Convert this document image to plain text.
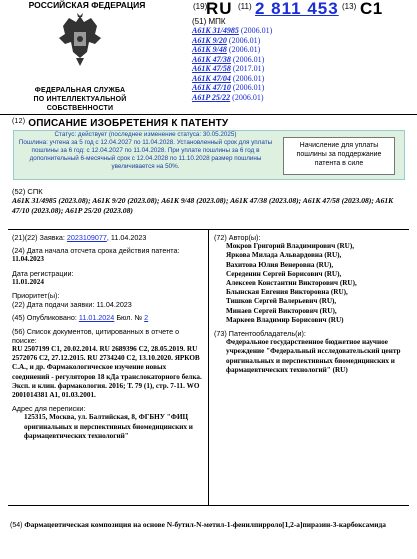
РОССИЙСКАЯ ФЕДЕРАЦИЯ
ФЕДЕРАЛЬНАЯ СЛУЖБА
ПО ИНТЕЛЛЕКТУАЛЬНОЙ СОБСТВЕННОСТИ
(19)
RU (11) 2 811 453 (13) C1
(51) МПК
A61K 31/4985 (2006.01)
A61K 9/20 (2006.01)
A61K 9/48 (2006.01)
A61K 47/38 (2006.01)
A61K 47/58 (2017.01)
A61K 47/04 (2006.01)
A61K 47/10 (2006.01)
A61P 25/22 (2006.01)
$^{(12)}$ ОПИСАНИЕ ИЗОБРЕТЕНИЯ К ПАТЕНТУ
Статус: действует (последнее изменение статуса: 30.05.2025)
Пошлина: учтена за 5 год с 12.04.2027 по 11.04.2028. Установленный срок для уплаты пошлины за 6 год: с 12.04.2027 по 11.04.2028. При уплате пошлины за 6 год в дополнительный 6-месячный срок с 12.04.2028 по 11.10.2028 размер пошлины увеличивается на 50%.
Начисление для уплаты пошлины за поддержание патента в силе
(52) СПК
A61K 31/4985 (2023.08); A61K 9/20 (2023.08); A61K 9/48 (2023.08); A61K 47/38 (2023.08); A61K 47/58 (2023.08); A61K 47/10 (2023.08); A61P 25/20 (2023.08)
(21)(22) Заявка: 2023109077, 11.04.2023
(24) Дата начала отсчета срока действия патента:
11.04.2023
Дата регистрации:
11.01.2024
Приоритет(ы):
(22) Дата подачи заявки: 11.04.2023
(45) Опубликовано: 11.01.2024 Бюл. № 2
(56) Список документов, цитированных в отчете о поиске:
RU 2507199 C1, 20.02.2014. RU 2689396 C2, 28.05.2019. RU 2572076 C2, 27.12.2015. RU 2734240 C2, 13.10.2020. ЯРКОВ С.А., и др. Фармакологическое изучение новых соединений - регуляторов 18 кДа транслокаторного белка. Эксп. и клин. фармакология. 2016; Т. 79 (1), стр. 7-11. WO 2001014381 A1, 01.03.2001.
Адрес для переписки:
125315, Москва, ул. Балтийская, 8, ФГБНУ "ФИЦ оригинальных и перспективных биомедицинских и фармацевтических технологий"
(72) Автор(ы):
Мокров Григорий Владимирович (RU),
Яркова Милада Альвардовна (RU),
Вахитова Юлия Венеровна (RU),
Середенин Сергей Борисович (RU),
Алексеев Константин Викторович (RU),
Блынская Евгения Викторовна (RU),
Тишков Сергей Валерьевич (RU),
Минаев Сергей Викторович (RU),
Маркеев Владимир Борисович (RU)
(73) Патентообладатель(и):
Федеральное государственное бюджетное научное учреждение "Федеральный исследовательский центр оригинальных и перспективных биомедицинских и фармацевтических технологий" (RU)
(54) Фармацевтическая композиция на основе N-бутил-N-метил-1-фенилпирроло[1,2-a]пиразин-3-карбоксамида
